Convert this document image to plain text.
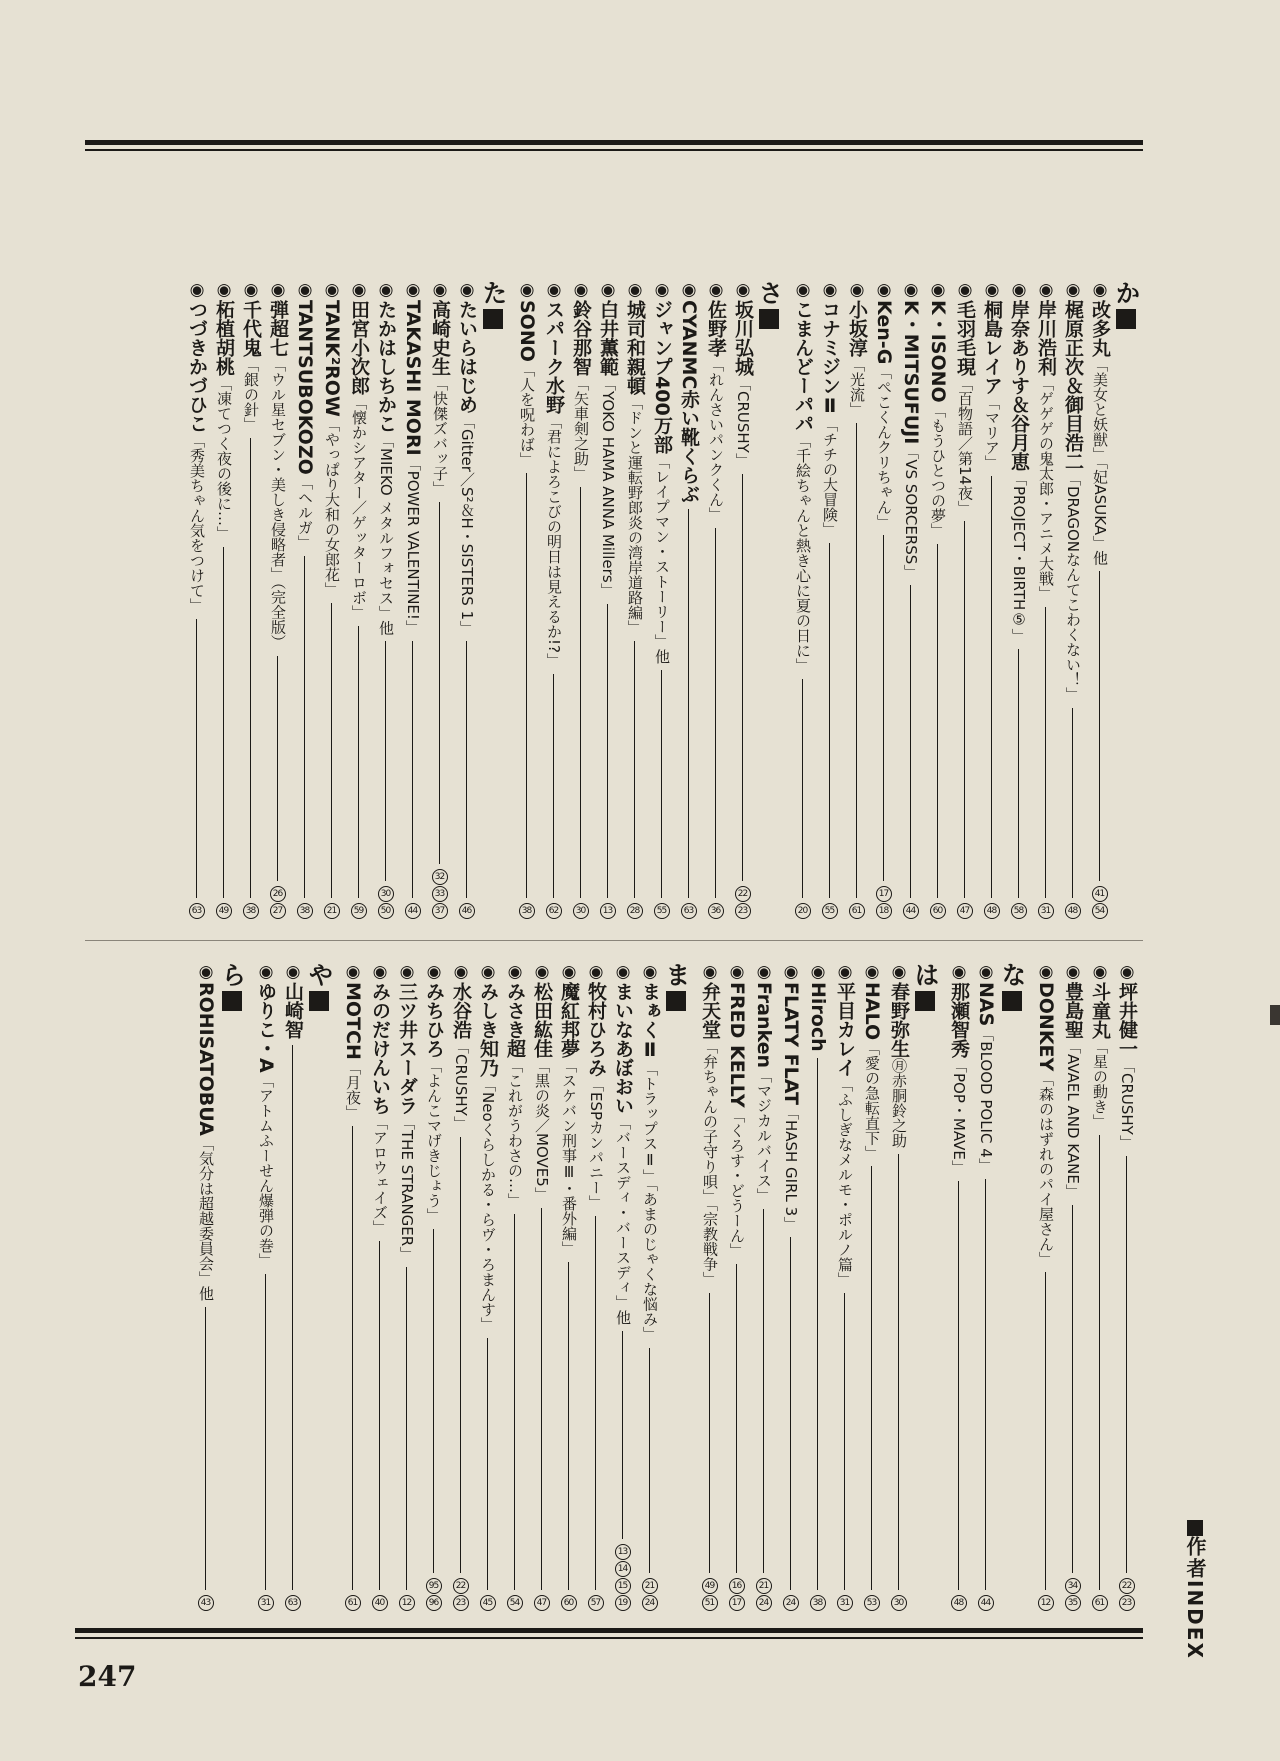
か
◉改多丸「美女と妖獣」「妃ASUKA」他
41
54
◉梶原正次＆御目浩二「DRAGONなんてこわくない！」
48
◉岸川浩利「ゲゲゲの鬼太郎・アニメ大戦」
31
◉岸奈ありす＆谷月恵「PROJECT・BIRTH⑤」
58
◉桐島レイア「マリア」
48
◉毛羽毛現「百物語／第14夜」
47
◉K・ISONO「もうひとつの夢」
60
◉K・MITSUFUJI「VS SORCERSS」
44
◉Ken-G「ぺこくんクリちゃん」
17
18
◉小坂淳「光流」
61
◉コナミジンⅡ「チチの大冒険」
55
◉こまんどーパパ「千絵ちゃんと熱き心に夏の日に」
20
さ
◉坂川弘城「CRUSHY」
22
23
◉佐野孝「れんさいパンクくん」
36
◉CYANMC赤い靴くらぶ
63
◉ジャンプ400万部「レイプマン・ストーリー」他
55
◉城司和親頓「ドンと運転野郎炎の湾岸道路編」
28
◉白井薫範「YOKO HAMA ANNA Millers」
13
◉鈴谷那智「矢車剣之助」
30
◉スパーク水野「君によろこびの明日は見えるか!?」
62
◉SONO「人を呪わば」
38
た
◉たいらはじめ「Gitter／S²＆H・SISTERS 1」
46
◉高崎史生「快傑ズバッ子」
32
33
37
◉TAKASHI MORI「POWER VALENTINE!」
44
◉たかはしちかこ「MIEKO メタルフォセス」他
30
50
◉田宮小次郎「懐かシアター／ゲッターロボ」
59
◉TANK²ROW「やっぱり大和の女郎花」
21
◉TANTSUBOKOZO「ヘルガ」
38
◉弾超七「ウル星セブン・美しき侵略者」（完全版）
26
27
◉千代鬼「銀の針」
38
◉柘植胡桃「凍てつく夜の後に…」
49
◉つづきかづひこ「秀美ちゃん気をつけて」
63
◉坪井健一「CRUSHY」
22
23
◉斗童丸「星の動き」
61
◉豊島聖「AVAEL AND KANE」
34
35
◉DONKEY「森のはずれのパイ屋さん」
12
な
◉NAS「BLOOD POLIC 4」
44
◉那瀬智秀「POP・MAVE」
48
は
◉春野弥生㊊赤胴鈴之助
30
◉HALO「愛の急転直下」
53
◉平目カレイ「ふしぎなメルモ・ポルノ篇」
31
◉Hiroch
38
◉FLATY FLAT「HASH GIRL 3」
24
◉Franken「マジカルバイス」
21
24
◉FRED KELLY「くろす・どうーん」
16
17
◉弁天堂「弁ちゃんの子守り唄」「宗教戦争」
49
51
ま
◉まぁくⅡ「トラップスⅡ」「あまのじゃくな悩み」
21
24
◉まいなあぼおい「バースディ・バースディ」他
13
14
15
19
◉牧村ひろみ「ESPカンパニー」
57
◉魔紅邦夢「スケバン刑事Ⅲ・番外編」
60
◉松田紘佳「黒の炎／MOVE5」
47
◉みさき超「これがうわさの…」
54
◉みしき知乃「Neoくらしかる・らヴ・ろまんす」
45
◉水谷浩「CRUSHY」
22
23
◉みちひろ「よんこマげきじょう」
95
96
◉三ツ井スーダラ「THE STRANGER」
12
◉みのだけんいち「アロウェイズ」
40
◉MOTCH「月夜」
61
や
◉山崎智
63
◉ゆりこ・A「アトムふーせん爆弾の巻」
31
ら
◉ROHISATOBUA「気分は超越委員会」他
43	作者INDEX
247
